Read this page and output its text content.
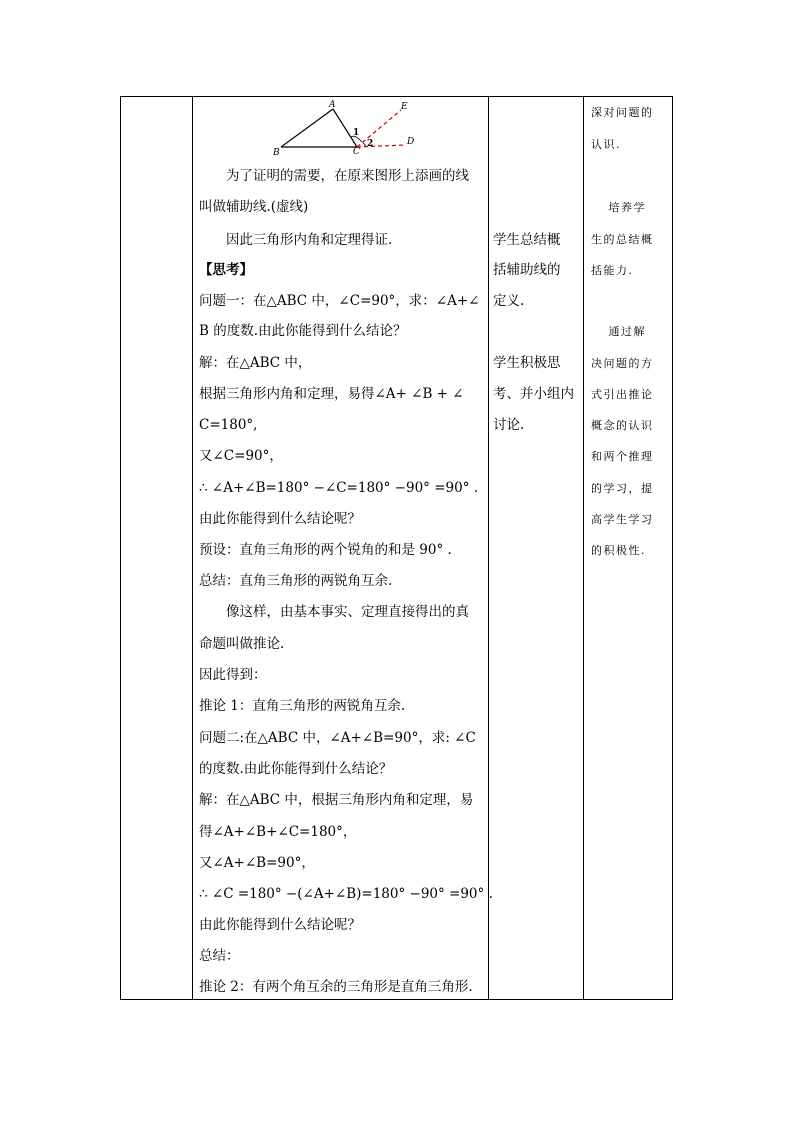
A
B	C
D
E
1
2
　　为了证明的需要，在原来图形上添画的线
叫做辅助线.(虚线)
　　因此三角形内角和定理得证.
【思考】
问题一：在△ABC 中，∠C=90°，求：∠A+∠
B 的度数.由此你能得到什么结论？
解：在△ABC 中，
根据三角形内角和定理，易得∠A+ ∠B + ∠
C=180°,
又∠C=90°，
∴ ∠A+∠B=180° −∠C=180° −90° =90° .
由此你能得到什么结论呢？
预设：直角三角形的两个锐角的和是 90° .
总结：直角三角形的两锐角互余.
　　像这样，由基本事实、定理直接得出的真
命题叫做推论.
因此得到：
推论 1：直角三角形的两锐角互余.
问题二:在△ABC 中，∠A+∠B=90°，求: ∠C
的度数.由此你能得到什么结论？
解：在△ABC 中，根据三角形内角和定理，易
得∠A+∠B+∠C=180°，
又∠A+∠B=90°，
∴ ∠C =180° −(∠A+∠B)=180° −90° =90° .
由此你能得到什么结论呢？
总结：
推论 2：有两个角互余的三角形是直角三角形.
学生总结概
括辅助线的
定义.
学生积极思
考、并小组内
讨论.
深对问题的
认识.
　 培养学
生的总结概
括能力.
　 通过解
决问题的方
式引出推论
概念的认识
和两个推理
的学习，提
高学生学习
的积极性.
